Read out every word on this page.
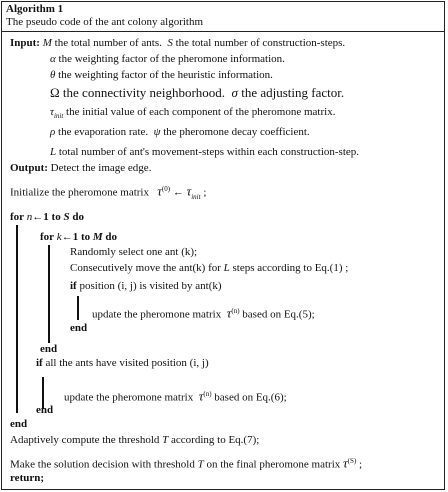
Algorithm 1
The pseudo code of the ant colony algorithm
Input: M the total number of ants. S the total number of construction-steps.
α the weighting factor of the pheromone information.
θ the weighting factor of the heuristic information.
Ω the connectivity neighborhood. σ the adjusting factor.
$\tau_{init}$ the initial value of each component of the pheromone matrix.
ρ the evaporation rate. ψ the pheromone decay coefficient.
L total number of ant's movement-steps within each construction-step.
Output: Detect the image edge.
Initialize the pheromone matrix $\tau^{(0)}$ ← $\tau_{init}$ ;
for n←1 to S do
for k←1 to M do
Randomly select one ant (k);
Consecutively move the ant(k) for L steps according to Eq.(1) ;
if position (i, j) is visited by ant(k)
update the pheromone matrix $\tau^{(n)}$ based on Eq.(5);
end
end
if all the ants have visited position (i, j)
update the pheromone matrix $\tau^{(n)}$ based on Eq.(6);
end
end
Adaptively compute the threshold T according to Eq.(7);
Make the solution decision with threshold T on the final pheromone matrix $\tau^{(S)}$ ;
return;
